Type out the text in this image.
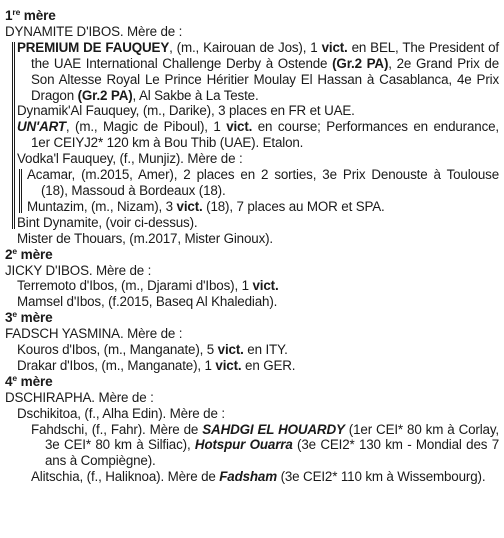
1re mère
DYNAMITE D'IBOS. Mère de :
PREMIUM DE FAUQUEY, (m., Kairouan de Jos), 1 vict. en BEL, The President of the UAE International Challenge Derby à Ostende (Gr.2 PA), 2e Grand Prix de Son Altesse Royal Le Prince Héritier Moulay El Hassan à Casablanca, 4e Prix Dragon (Gr.2 PA), Al Sakbe à La Teste.
Dynamik'Al Fauquey, (m., Darike), 3 places en FR et UAE.
UN'ART, (m., Magic de Piboul), 1 vict. en course; Performances en endurance, 1er CEIYJ2* 120 km à Bou Thib (UAE). Etalon.
Vodka'l Fauquey, (f., Munjiz). Mère de :
Acamar, (m.2015, Amer), 2 places en 2 sorties, 3e Prix Denouste à Toulouse (18), Massoud à Bordeaux (18).
Muntazim, (m., Nizam), 3 vict. (18), 7 places au MOR et SPA.
Bint Dynamite, (voir ci-dessus).
Mister de Thouars, (m.2017, Mister Ginoux).
2e mère
JICKY D'IBOS. Mère de :
Terremoto d'Ibos, (m., Djarami d'Ibos), 1 vict.
Mamsel d'Ibos, (f.2015, Baseq Al Khalediah).
3e mère
FADSCH YASMINA. Mère de :
Kouros d'Ibos, (m., Manganate), 5 vict. en ITY.
Drakar d'Ibos, (m., Manganate), 1 vict. en GER.
4e mère
DSCHIRAPHA. Mère de :
Dschikitoa, (f., Alha Edin). Mère de :
Fahdschi, (f., Fahr). Mère de SAHDGI EL HOUARDY (1er CEI* 80 km à Corlay, 3e CEI* 80 km à Silfiac), Hotspur Ouarra (3e CEI2* 130 km - Mondial des 7 ans à Compiègne).
Alitschia, (f., Haliknoa). Mère de Fadsham (3e CEI2* 110 km à Wissembourg).
